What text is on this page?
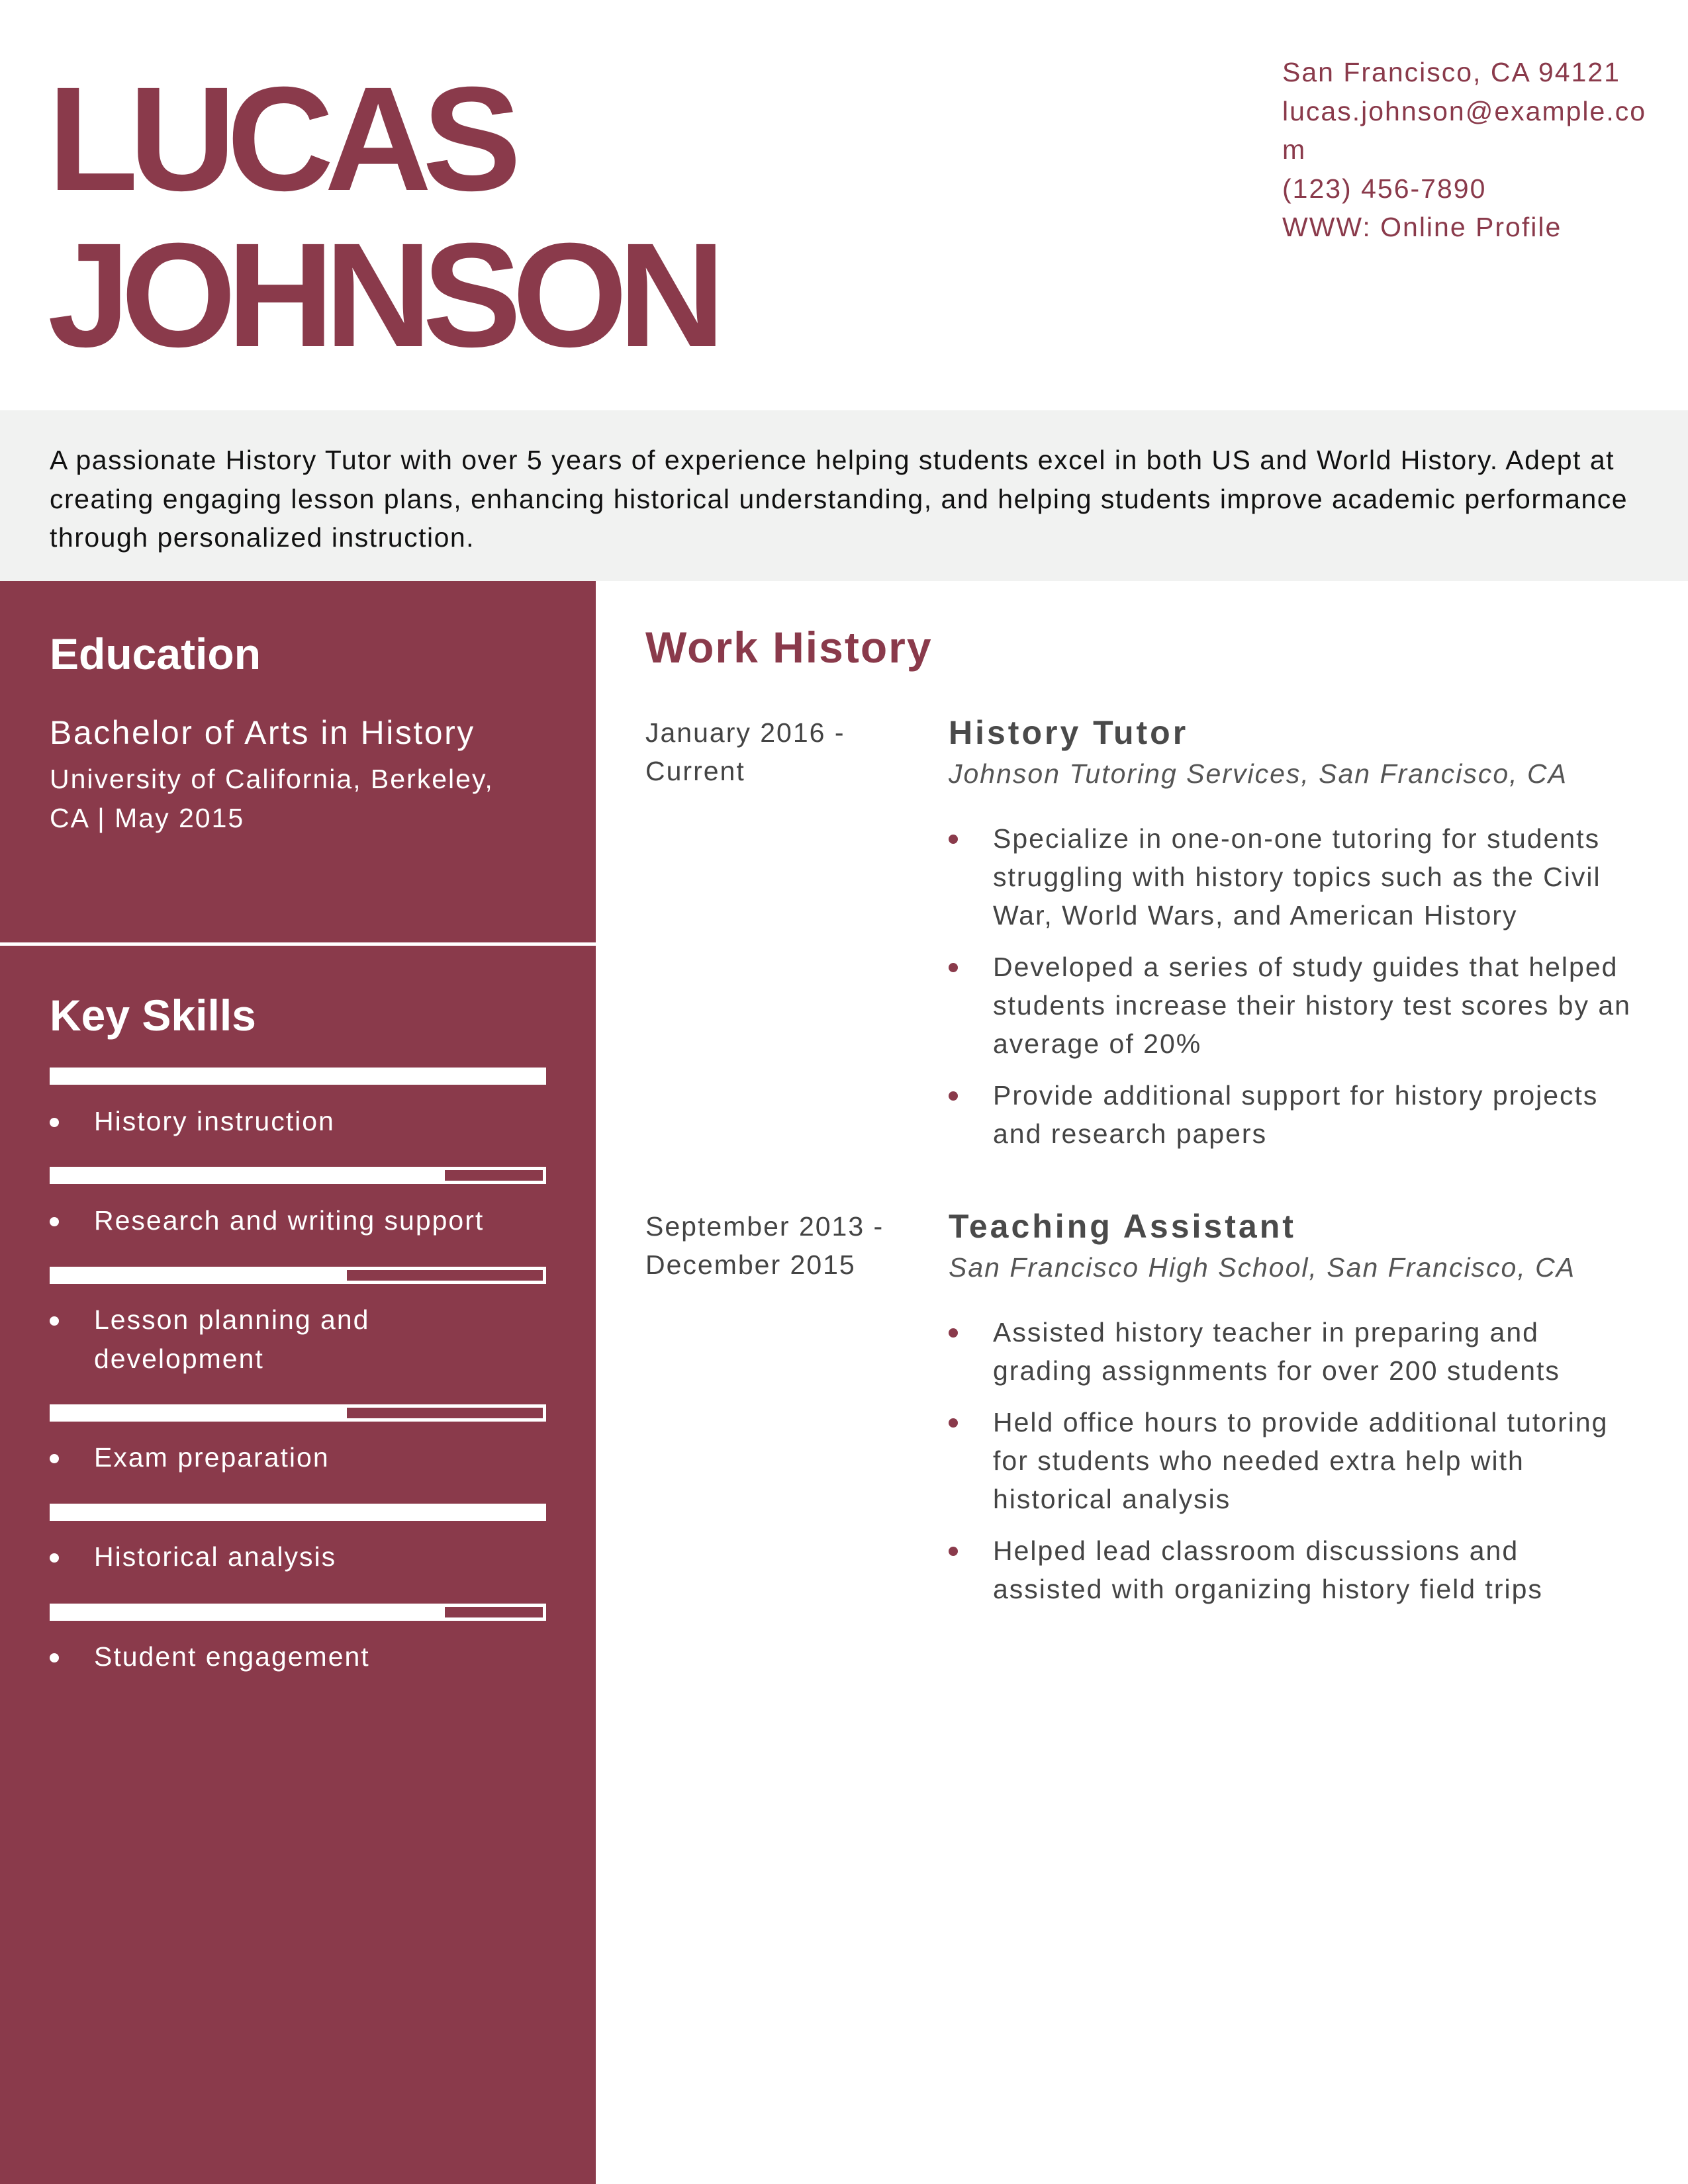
LUCAS
JOHNSON
San Francisco, CA 94121
lucas.johnson@example.com
(123) 456-7890
WWW: Online Profile
A passionate History Tutor with over 5 years of experience helping students excel in both US and World History. Adept at creating engaging lesson plans, enhancing historical understanding, and helping students improve academic performance through personalized instruction.
Education
Bachelor of Arts in History
University of California, Berkeley, CA | May 2015
Key Skills
History instruction
Research and writing support
Lesson planning and development
Exam preparation
Historical analysis
Student engagement
Work History
January 2016 - Current
History Tutor
Johnson Tutoring Services, San Francisco, CA
Specialize in one-on-one tutoring for students struggling with history topics such as the Civil War, World Wars, and American History
Developed a series of study guides that helped students increase their history test scores by an average of 20%
Provide additional support for history projects and research papers
September 2013 - December 2015
Teaching Assistant
San Francisco High School, San Francisco, CA
Assisted history teacher in preparing and grading assignments for over 200 students
Held office hours to provide additional tutoring for students who needed extra help with historical analysis
Helped lead classroom discussions and assisted with organizing history field trips
